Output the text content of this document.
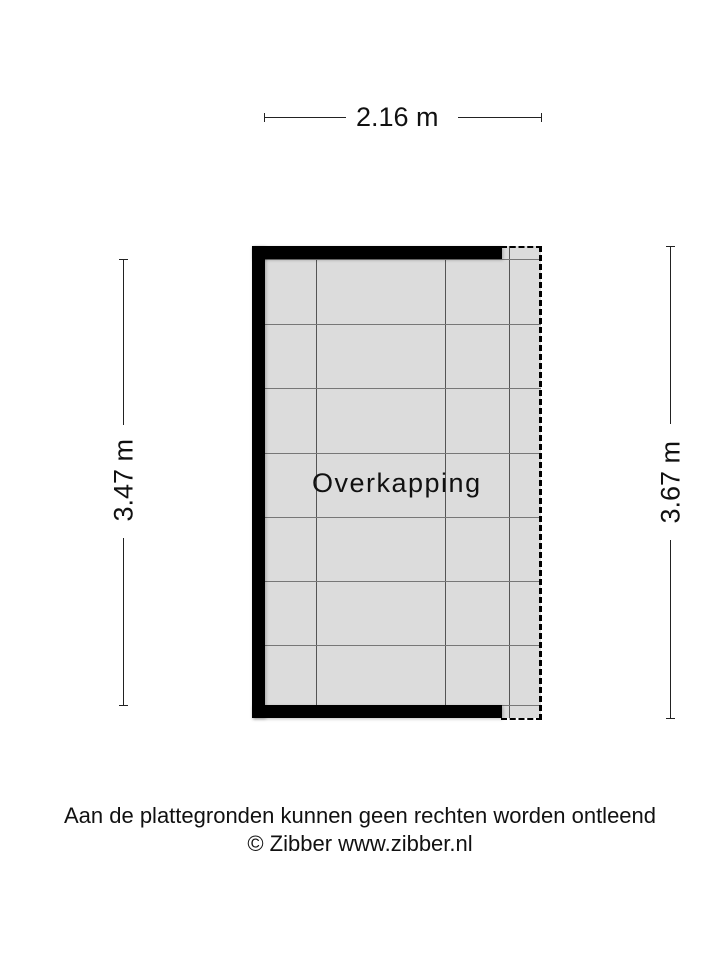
2.16 m
3.47 m	3.67 m
Overkapping
Aan de plattegronden kunnen geen rechten worden ontleend
© Zibber www.zibber.nl
